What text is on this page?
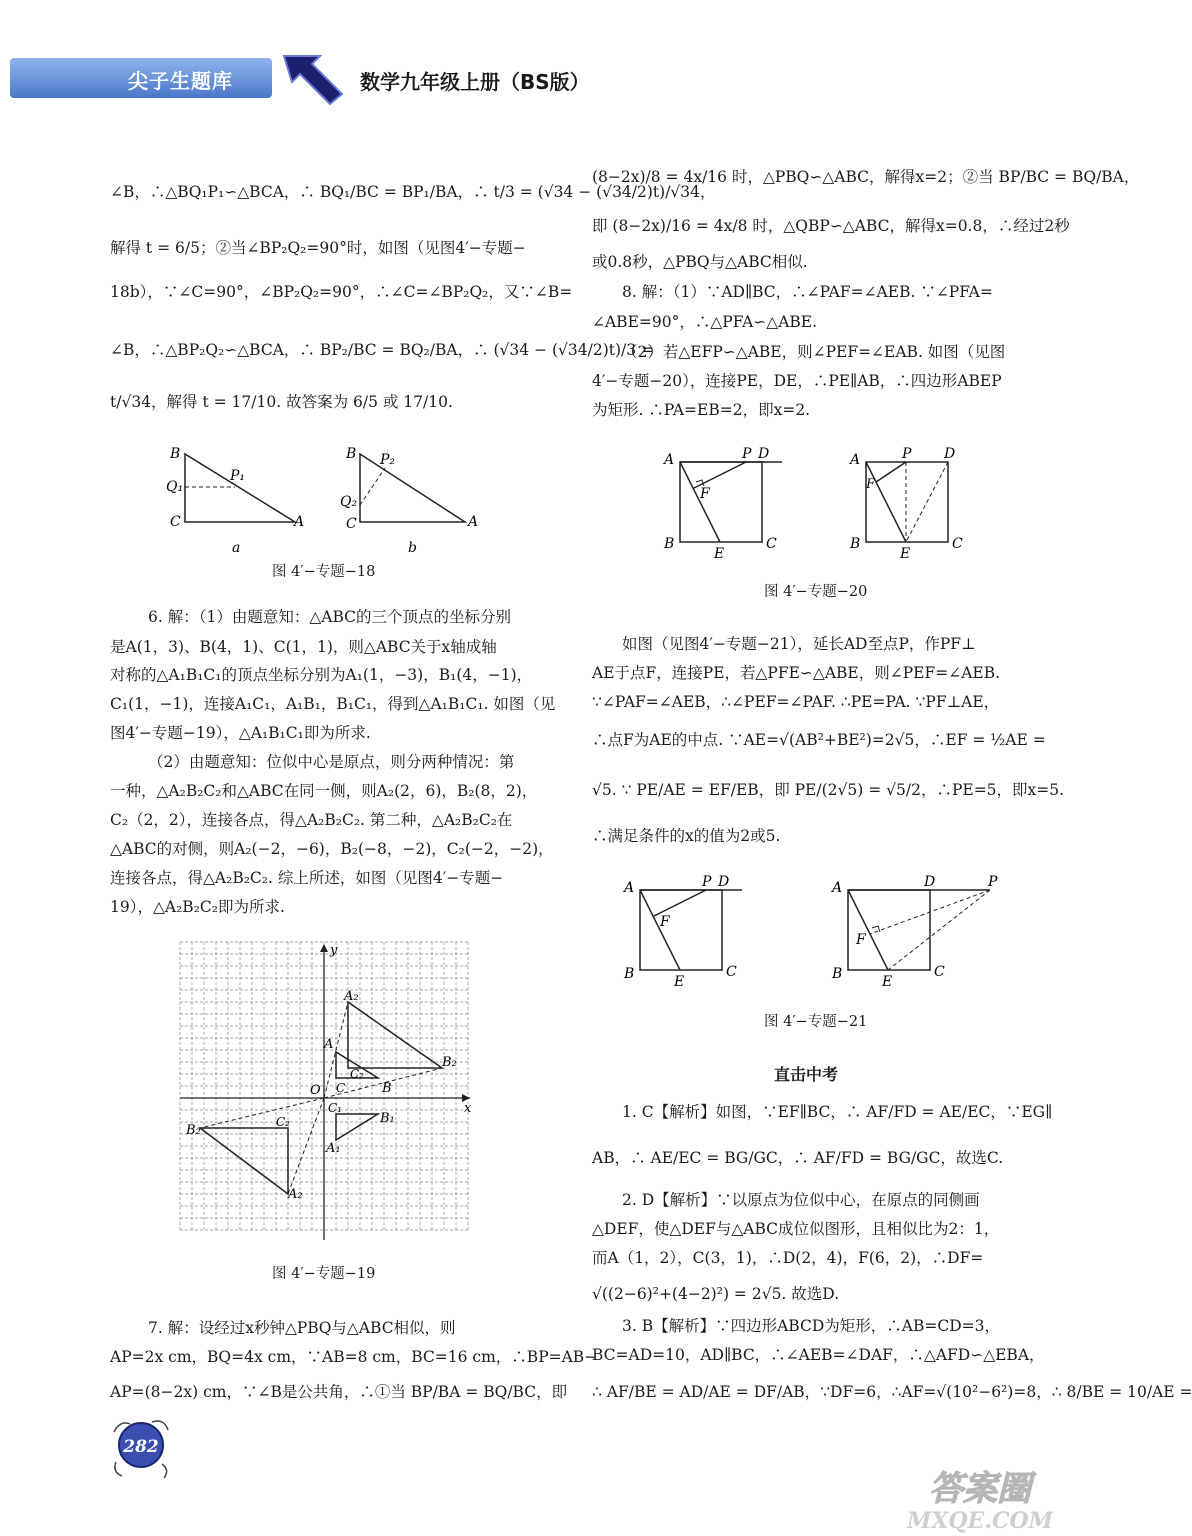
尖子生题库	数学九年级上册（BS版）
∠B，∴△BQ₁P₁∽△BCA，∴ BQ₁/BC = BP₁/BA，∴ t/3 = (√34 − (√34/2)t)/√34，
解得 t = 6/5；②当∠BP₂Q₂=90°时，如图（见图4′−专题−
18b），∵∠C=90°，∠BP₂Q₂=90°，∴∠C=∠BP₂Q₂，又∵∠B=
∠B，∴△BP₂Q₂∽△BCA，∴ BP₂/BC = BQ₂/BA，∴ (√34 − (√34/2)t)/3 =
t/√34，解得 t = 17/10. 故答案为 6/5 或 17/10.
B
Q₁
P₁
C	A
B P₂
Q₂
C	A
a	b
图 4′−专题−18
6. 解：（1）由题意知：△ABC的三个顶点的坐标分别
是A(1，3)、B(4，1)、C(1，1)，则△ABC关于x轴成轴
对称的△A₁B₁C₁的顶点坐标分别为A₁(1，−3)，B₁(4，−1)，
C₁(1，−1)，连接A₁C₁，A₁B₁，B₁C₁，得到△A₁B₁C₁. 如图（见
图4′−专题−19），△A₁B₁C₁即为所求.
（2）由题意知：位似中心是原点，则分两种情况：第
一种，△A₂B₂C₂和△ABC在同一侧，则A₂(2，6)，B₂(8，2)，
C₂（2，2），连接各点，得△A₂B₂C₂. 第二种，△A₂B₂C₂在
△ABC的对侧，则A₂(−2，−6)，B₂(−8，−2)，C₂(−2，−2)，
连接各点，得△A₂B₂C₂. 综上所述，如图（见图4′−专题−
19），△A₂B₂C₂即为所求.
y
x
O
A₂
A
C₂
C	B
B₂
C₁
B₁
A₁
B₂
C₂
A₂
图 4′−专题−19
7. 解：设经过x秒钟△PBQ与△ABC相似，则
AP=2x cm，BQ=4x cm，∵AB=8 cm，BC=16 cm，∴BP=AB−
AP=(8−2x) cm，∵∠B是公共角，∴①当 BP/BA = BQ/BC，即
282
(8−2x)/8 = 4x/16 时，△PBQ∽△ABC，解得x=2；②当 BP/BC = BQ/BA，
即 (8−2x)/16 = 4x/8 时，△QBP∽△ABC，解得x=0.8，∴经过2秒
或0.8秒，△PBQ与△ABC相似.
8. 解：（1）∵AD∥BC，∴∠PAF=∠AEB. ∵∠PFA=
∠ABE=90°，∴△PFA∽△ABE.
（2）若△EFP∽△ABE，则∠PEF=∠EAB. 如图（见图
4′−专题−20），连接PE，DE，∴PE∥AB，∴四边形ABEP
为矩形. ∴PA=EB=2，即x=2.
A	P D
F
B
E
C
A	P D
F
B
E
C
图 4′−专题−20
如图（见图4′−专题−21），延长AD至点P，作PF⊥
AE于点F，连接PE，若△PFE∽△ABE，则∠PEF=∠AEB.
∵∠PAF=∠AEB，∴∠PEF=∠PAF. ∴PE=PA. ∵PF⊥AE，
∴点F为AE的中点. ∵AE=√(AB²+BE²)=2√5，∴EF = ½AE =
√5. ∵ PE/AE = EF/EB，即 PE/(2√5) = √5/2，∴PE=5，即x=5.
∴满足条件的x的值为2或5.
A	P D
F
B	E
C
A	D	P
F
B	E
C
图 4′−专题−21
直击中考
1. C【解析】如图，∵EF∥BC，∴ AF/FD = AE/EC，∵EG∥
AB，∴ AE/EC = BG/GC，∴ AF/FD = BG/GC，故选C.
2. D【解析】∵以原点为位似中心，在原点的同侧画
△DEF，使△DEF与△ABC成位似图形，且相似比为2：1，
而A（1，2），C(3，1)，∴D(2，4)，F(6，2)，∴DF=
√((2−6)²+(4−2)²) = 2√5. 故选D.
3. B【解析】∵四边形ABCD为矩形，∴AB=CD=3，
BC=AD=10，AD∥BC，∴∠AEB=∠DAF，∴△AFD∽△EBA，
∴ AF/BE = AD/AE = DF/AB，∵DF=6，∴AF=√(10²−6²)=8，∴ 8/BE = 10/AE =
答案圈
MXQE.COM
